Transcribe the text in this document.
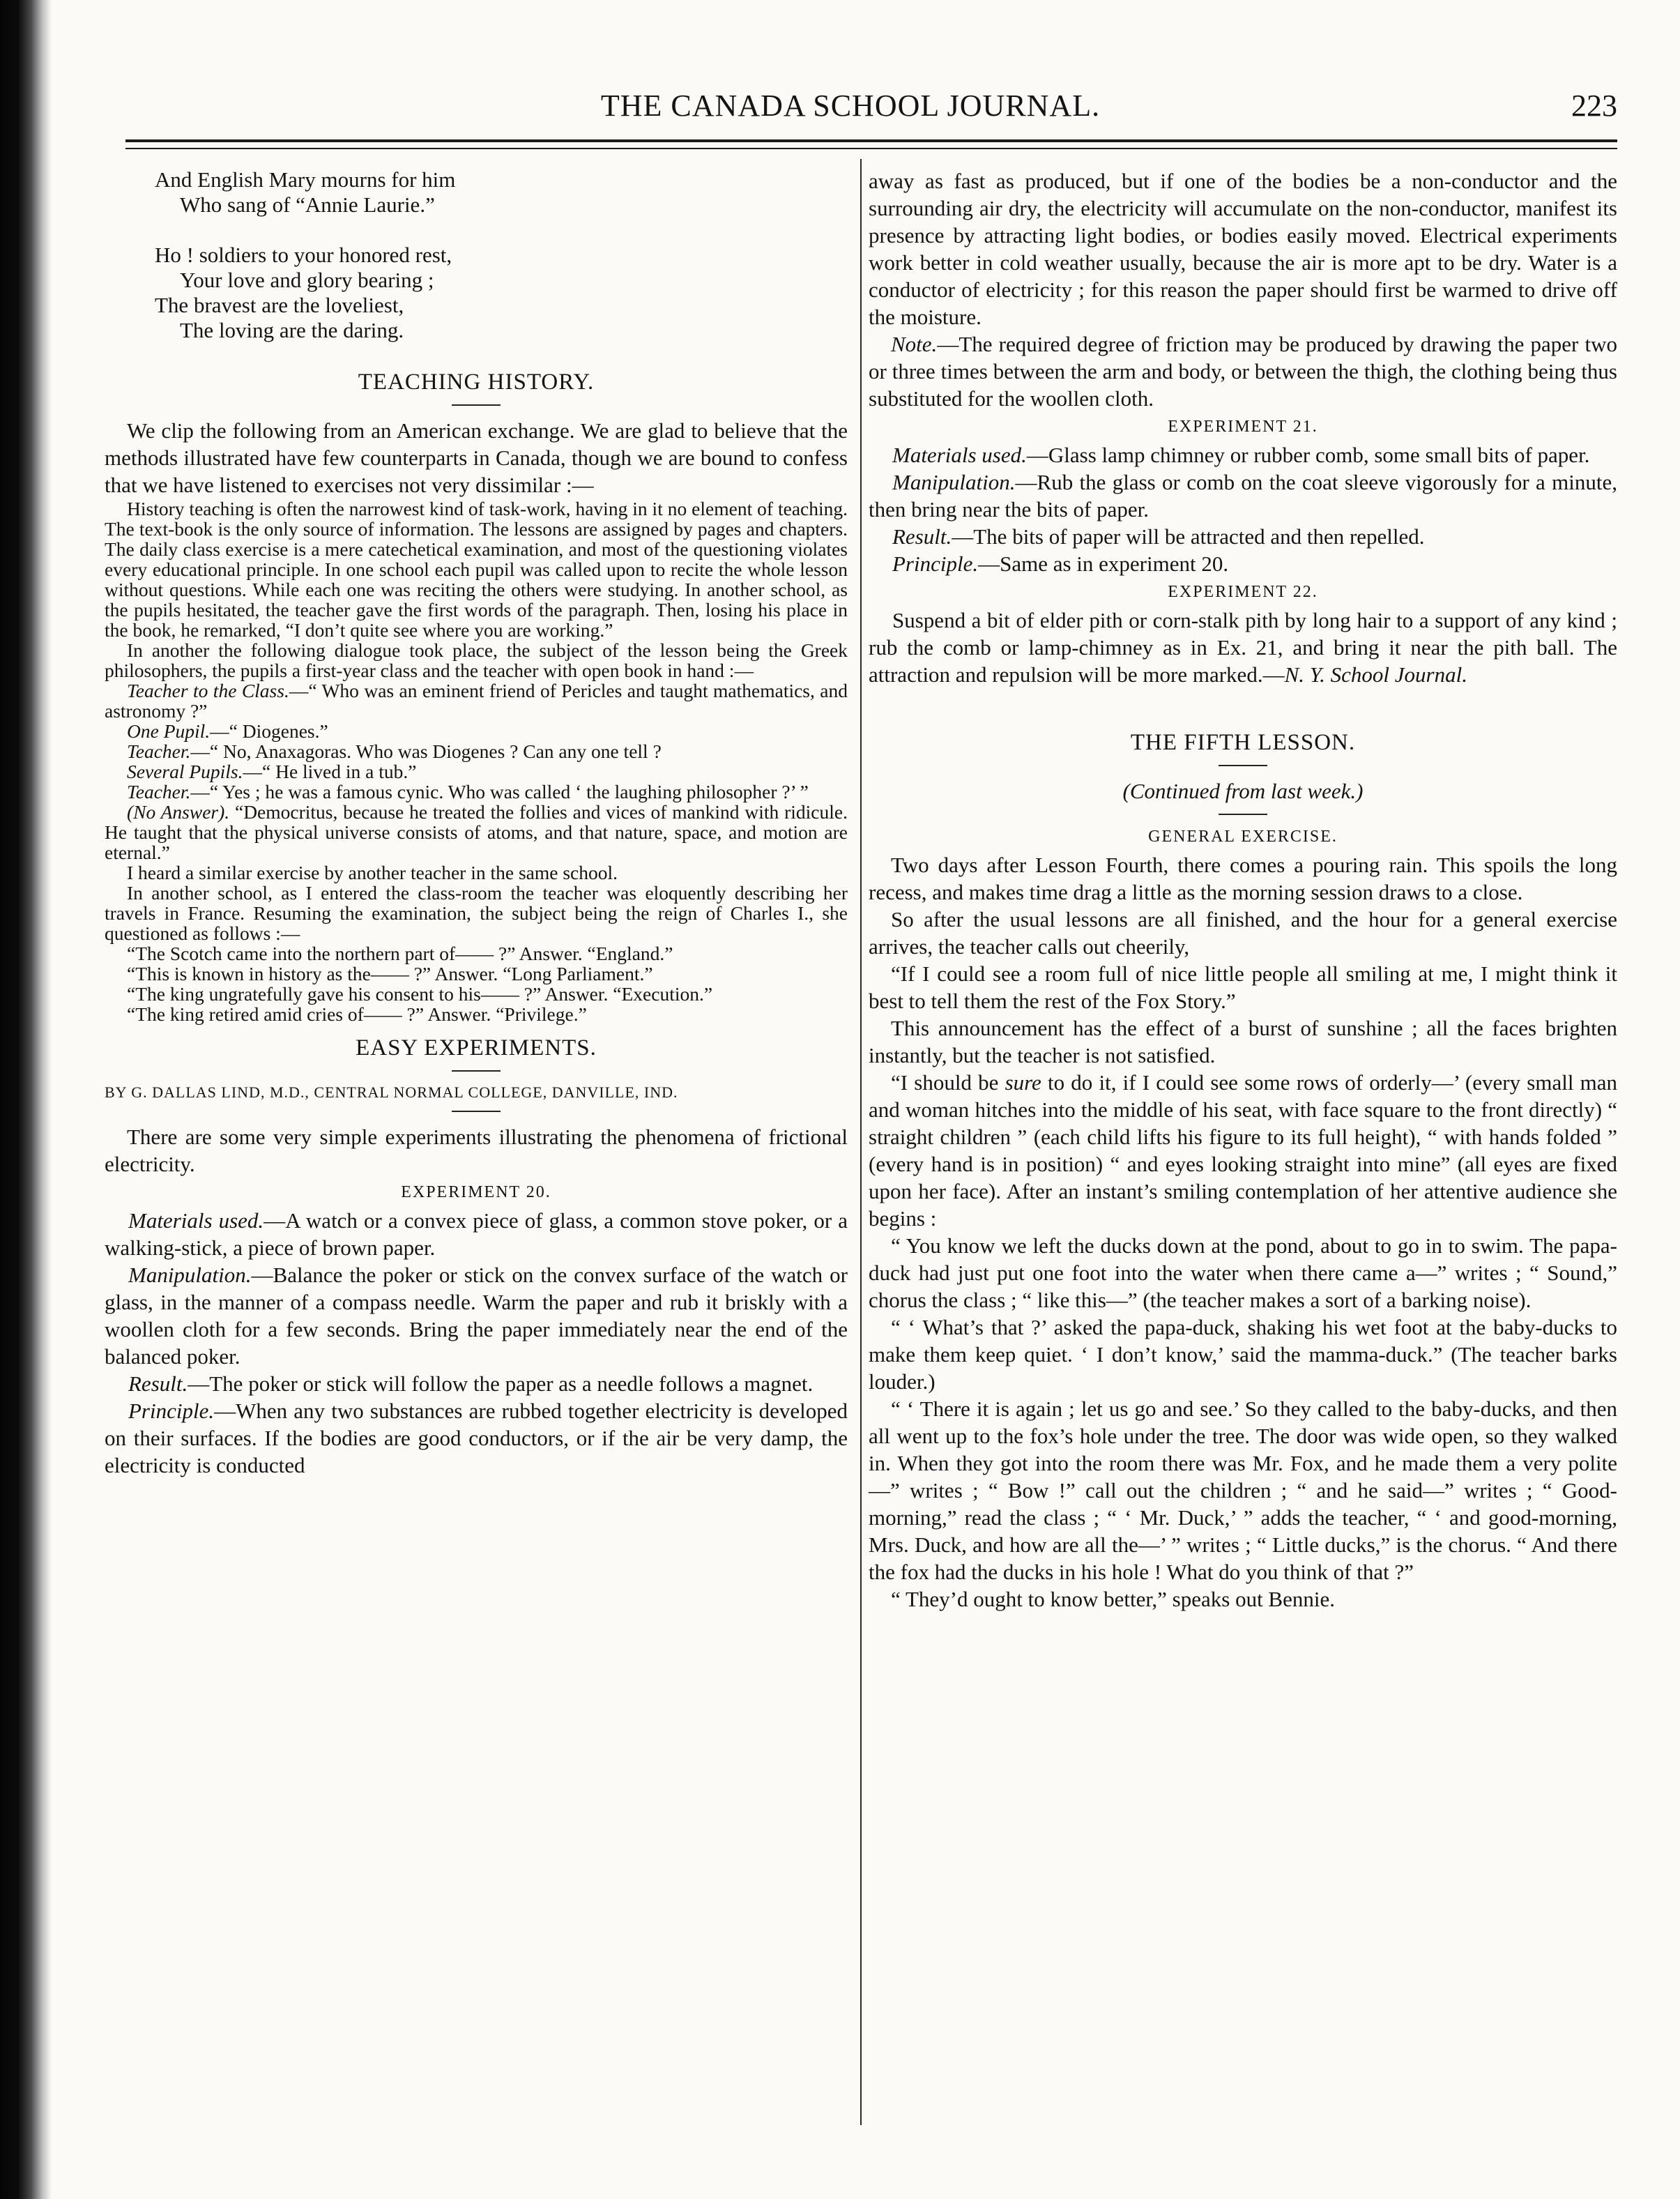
THE CANADA SCHOOL JOURNAL.	223
And English Mary mourns for him
Who sang of “Annie Laurie.”
Ho ! soldiers to your honored rest,
Your love and glory bearing ;
The bravest are the loveliest,
The loving are the daring.
TEACHING HISTORY.

We clip the following from an American exchange. We are glad to believe that the methods illustrated have few counterparts in Canada, though we are bound to confess that we have listened to exercises not very dissimilar :—

History teaching is often the narrowest kind of task-work, having in it no element of teaching. The text-book is the only source of information. The lessons are assigned by pages and chapters. The daily class exercise is a mere catechetical examination, and most of the questioning violates every educational principle. In one school each pupil was called upon to recite the whole lesson without questions. While each one was reciting the others were studying. In another school, as the pupils hesitated, the teacher gave the first words of the paragraph. Then, losing his place in the book, he remarked, “I don’t quite see where you are working.”

In another the following dialogue took place, the subject of the lesson being the Greek philosophers, the pupils a first-year class and the teacher with open book in hand :—

Teacher to the Class.—“ Who was an eminent friend of Pericles and taught mathematics, and astronomy ?”

One Pupil.—“ Diogenes.”

Teacher.—“ No, Anaxagoras. Who was Diogenes ? Can any one tell ?

Several Pupils.—“ He lived in a tub.”

Teacher.—“ Yes ; he was a famous cynic. Who was called ‘ the laughing philosopher ?’ ”

(No Answer). “Democritus, because he treated the follies and vices of mankind with ridicule. He taught that the physical universe consists of atoms, and that nature, space, and motion are eternal.”

I heard a similar exercise by another teacher in the same school.

In another school, as I entered the class-room the teacher was eloquently describing her travels in France. Resuming the examination, the subject being the reign of Charles I., she questioned as follows :—

“The Scotch came into the northern part of—— ?” Answer. “England.”

“This is known in history as the—— ?” Answer. “Long Parliament.”

“The king ungratefully gave his consent to his—— ?” Answer. “Execution.”

“The king retired amid cries of—— ?” Answer. “Privilege.”

EASY EXPERIMENTS.
BY G. DALLAS LIND, M.D., CENTRAL NORMAL COLLEGE, DANVILLE, IND.

There are some very simple experiments illustrating the phenomena of frictional electricity.

EXPERIMENT 20.

Materials used.—A watch or a convex piece of glass, a common stove poker, or a walking-stick, a piece of brown paper.

Manipulation.—Balance the poker or stick on the convex surface of the watch or glass, in the manner of a compass needle. Warm the paper and rub it briskly with a woollen cloth for a few seconds. Bring the paper immediately near the end of the balanced poker.

Result.—The poker or stick will follow the paper as a needle follows a magnet.

Principle.—When any two substances are rubbed together electricity is developed on their surfaces. If the bodies are good conductors, or if the air be very damp, the electricity is conducted

away as fast as produced, but if one of the bodies be a non-conductor and the surrounding air dry, the electricity will accumulate on the non-conductor, manifest its presence by attracting light bodies, or bodies easily moved. Electrical experiments work better in cold weather usually, because the air is more apt to be dry. Water is a conductor of electricity ; for this reason the paper should first be warmed to drive off the moisture.

Note.—The required degree of friction may be produced by drawing the paper two or three times between the arm and body, or between the thigh, the clothing being thus substituted for the woollen cloth.

EXPERIMENT 21.

Materials used.—Glass lamp chimney or rubber comb, some small bits of paper.

Manipulation.—Rub the glass or comb on the coat sleeve vigorously for a minute, then bring near the bits of paper.

Result.—The bits of paper will be attracted and then repelled.

Principle.—Same as in experiment 20.

EXPERIMENT 22.

Suspend a bit of elder pith or corn-stalk pith by long hair to a support of any kind ; rub the comb or lamp-chimney as in Ex. 21, and bring it near the pith ball. The attraction and repulsion will be more marked.—N. Y. School Journal.

THE FIFTH LESSON.
(Continued from last week.)
GENERAL EXERCISE.

Two days after Lesson Fourth, there comes a pouring rain. This spoils the long recess, and makes time drag a little as the morning session draws to a close.

So after the usual lessons are all finished, and the hour for a general exercise arrives, the teacher calls out cheerily,

“If I could see a room full of nice little people all smiling at me, I might think it best to tell them the rest of the Fox Story.”

This announcement has the effect of a burst of sunshine ; all the faces brighten instantly, but the teacher is not satisfied.

“I should be sure to do it, if I could see some rows of orderly—’ (every small man and woman hitches into the middle of his seat, with face square to the front directly) “ straight children ” (each child lifts his figure to its full height), “ with hands folded ” (every hand is in position) “ and eyes looking straight into mine” (all eyes are fixed upon her face). After an instant’s smiling contemplation of her attentive audience she begins :

“ You know we left the ducks down at the pond, about to go in to swim. The papa-duck had just put one foot into the water when there came a—” writes ; “ Sound,” chorus the class ; “ like this—” (the teacher makes a sort of a barking noise).

“ ‘ What’s that ?’ asked the papa-duck, shaking his wet foot at the baby-ducks to make them keep quiet. ‘ I don’t know,’ said the mamma-duck.” (The teacher barks louder.)

“ ‘ There it is again ; let us go and see.’ So they called to the baby-ducks, and then all went up to the fox’s hole under the tree. The door was wide open, so they walked in. When they got into the room there was Mr. Fox, and he made them a very polite—” writes ; “ Bow !” call out the children ; “ and he said—” writes ; “ Good-morning,” read the class ; “ ‘ Mr. Duck,’ ” adds the teacher, “ ‘ and good-morning, Mrs. Duck, and how are all the—’ ” writes ; “ Little ducks,” is the chorus. “ And there the fox had the ducks in his hole ! What do you think of that ?”

“ They’d ought to know better,” speaks out Bennie.
